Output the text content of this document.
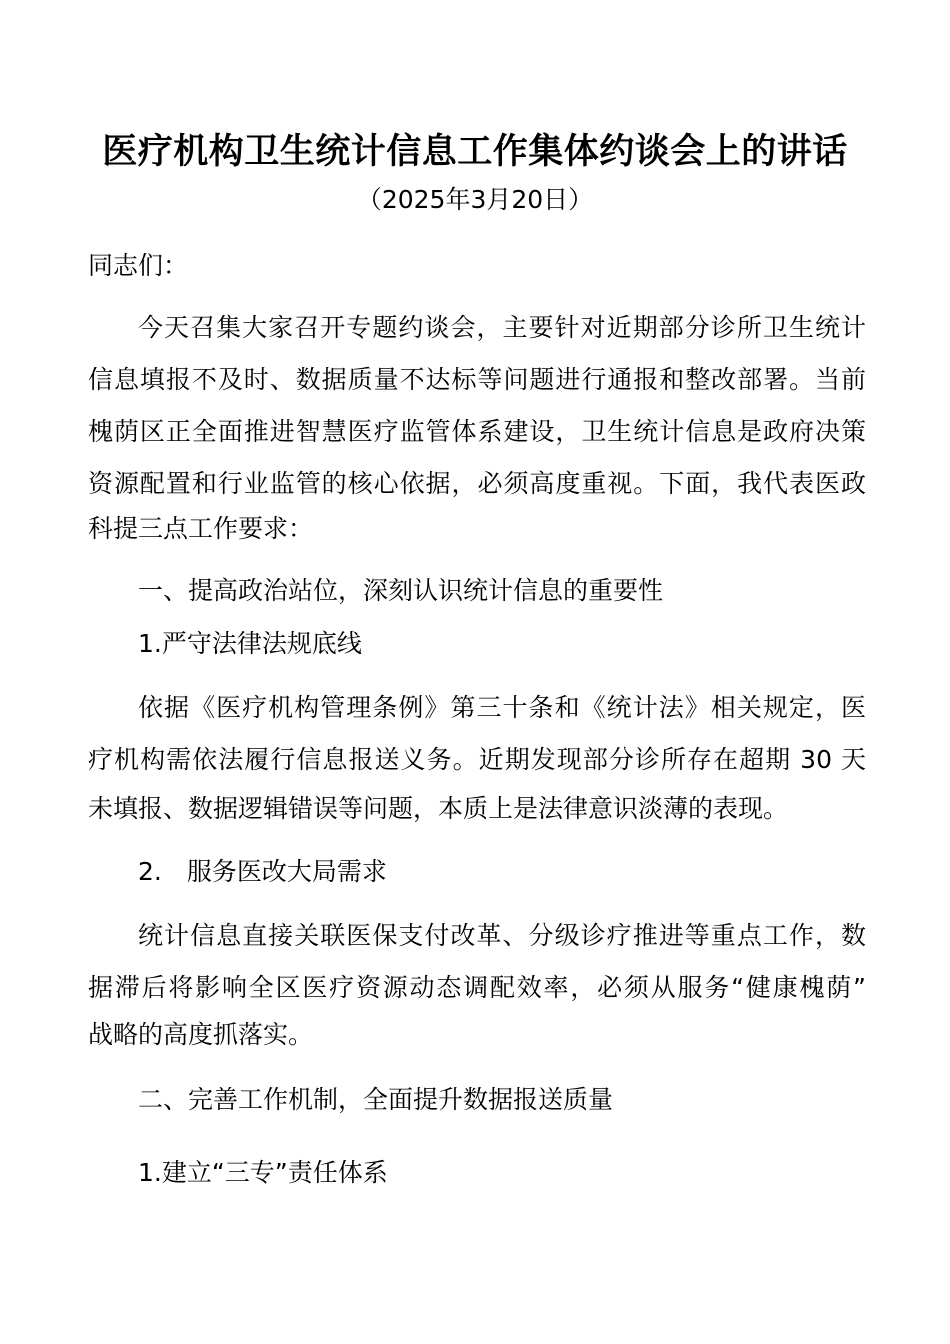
医疗机构卫生统计信息工作集体约谈会上的讲话
（2025年3月20日）
同志们：
今天召集大家召开专题约谈会，主要针对近期部分诊所卫生统计
信息填报不及时、数据质量不达标等问题进行通报和整改部署。当前
槐荫区正全面推进智慧医疗监管体系建设，卫生统计信息是政府决策
资源配置和行业监管的核心依据，必须高度重视。下面，我代表医政
科提三点工作要求：
一、提高政治站位，深刻认识统计信息的重要性
1.严守法律法规底线
依据《医疗机构管理条例》第三十条和《统计法》相关规定，医
疗机构需依法履行信息报送义务。近期发现部分诊所存在超期 30 天
未填报、数据逻辑错误等问题，本质上是法律意识淡薄的表现。
2.　服务医改大局需求
统计信息直接关联医保支付改革、分级诊疗推进等重点工作，数
据滞后将影响全区医疗资源动态调配效率，必须从服务“健康槐荫”
战略的高度抓落实。
二、完善工作机制，全面提升数据报送质量
1.建立“三专”责任体系
